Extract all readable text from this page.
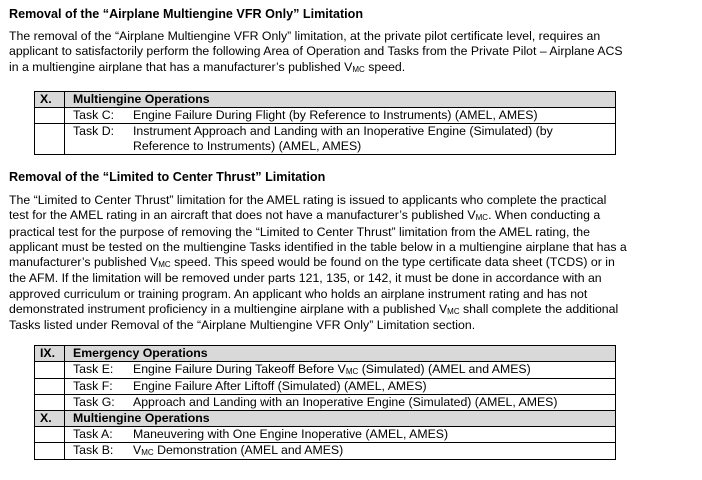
Removal of the “Airplane Multiengine VFR Only” Limitation

The removal of the “Airplane Multiengine VFR Only” limitation, at the private pilot certificate level, requires an
applicant to satisfactorily perform the following Area of Operation and Tasks from the Private Pilot – Airplane ACS
in a multiengine airplane that has a manufacturer’s published $V_{MC}$ speed.

X.	Multiengine Operations

	Task C: Engine Failure During Flight (by Reference to Instruments) (AMEL, AMES)

	Task D: Instrument Approach and Landing with an Inoperative Engine (Simulated) (by
Reference to Instruments) (AMEL, AMES)
Removal of the “Limited to Center Thrust” Limitation

The “Limited to Center Thrust” limitation for the AMEL rating is issued to applicants who complete the practical
test for the AMEL rating in an aircraft that does not have a manufacturer’s published $V_{MC}$. When conducting a
practical test for the purpose of removing the “Limited to Center Thrust” limitation from the AMEL rating, the
applicant must be tested on the multiengine Tasks identified in the table below in a multiengine airplane that has a
manufacturer’s published $V_{MC}$ speed. This speed would be found on the type certificate data sheet (TCDS) or in
the AFM. If the limitation will be removed under parts 121, 135, or 142, it must be done in accordance with an
approved curriculum or training program. An applicant who holds an airplane instrument rating and has not
demonstrated instrument proficiency in a multiengine airplane with a published $V_{MC}$ shall complete the additional
Tasks listed under Removal of the “Airplane Multiengine VFR Only” Limitation section.

IX.	Emergency Operations

	Task E: Engine Failure During Takeoff Before $V_{MC}$ (Simulated) (AMEL and AMES)

	Task F: Engine Failure After Liftoff (Simulated) (AMEL, AMES)

	Task G: Approach and Landing with an Inoperative Engine (Simulated) (AMEL, AMES)

X.	Multiengine Operations

	Task A: Maneuvering with One Engine Inoperative (AMEL, AMES)

	Task B: $V_{MC}$ Demonstration (AMEL and AMES)
